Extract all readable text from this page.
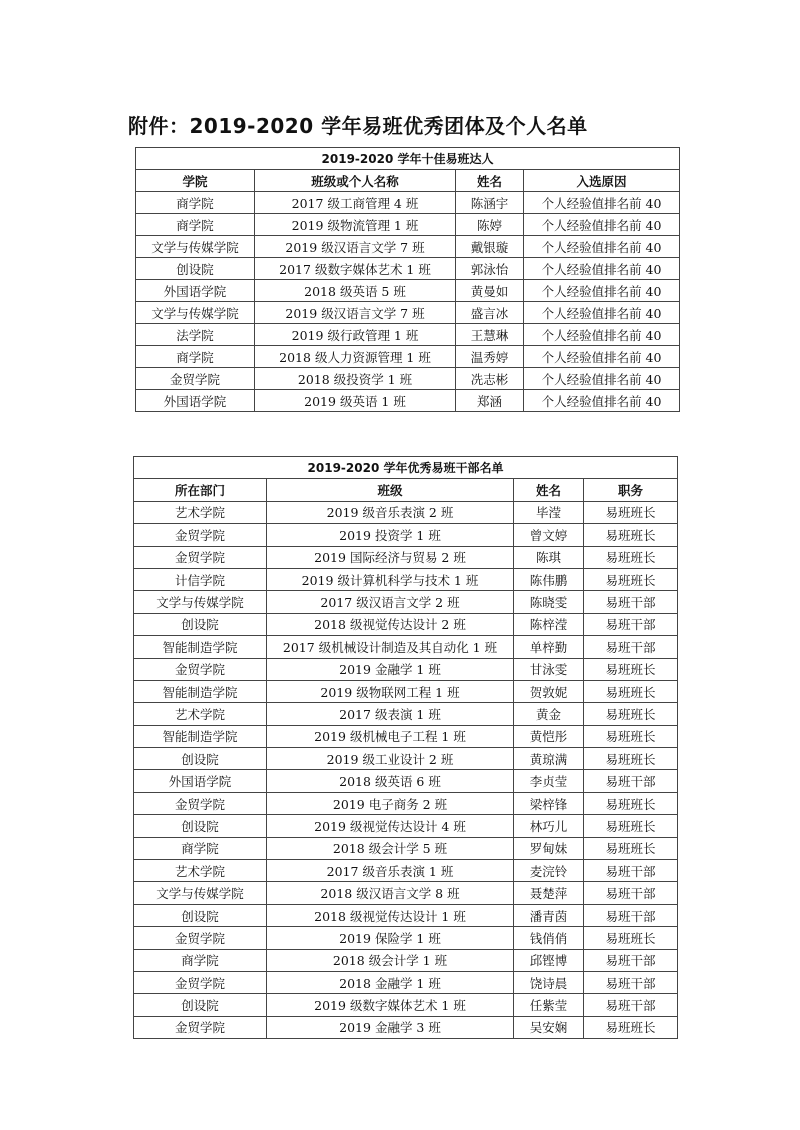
附件：2019-2020 学年易班优秀团体及个人名单
2019-2020 学年十佳易班达人			
学院	班级或个人名称	姓名	入选原因
商学院	2017 级工商管理 4 班	陈涵宇	个人经验值排名前 40
商学院	2019 级物流管理 1 班	陈婷	个人经验值排名前 40
文学与传媒学院	2019 级汉语言文学 7 班	戴银璇	个人经验值排名前 40
创设院	2017 级数字媒体艺术 1 班	郭泳怡	个人经验值排名前 40
外国语学院	2018 级英语 5 班	黄曼如	个人经验值排名前 40
文学与传媒学院	2019 级汉语言文学 7 班	盛言冰	个人经验值排名前 40
法学院	2019 级行政管理 1 班	王慧琳	个人经验值排名前 40
商学院	2018 级人力资源管理 1 班	温秀婷	个人经验值排名前 40
金贸学院	2018 级投资学 1 班	冼志彬	个人经验值排名前 40
外国语学院	2019 级英语 1 班	郑涵	个人经验值排名前 40
2019-2020 学年优秀易班干部名单			
所在部门	班级	姓名	职务
艺术学院	2019 级音乐表演 2 班	毕滢	易班班长
金贸学院	2019 投资学 1 班	曾文婷	易班班长
金贸学院	2019 国际经济与贸易 2 班	陈琪	易班班长
计信学院	2019 级计算机科学与技术 1 班	陈伟鹏	易班班长
文学与传媒学院	2017 级汉语言文学 2 班	陈晓雯	易班干部
创设院	2018 级视觉传达设计 2 班	陈梓滢	易班干部
智能制造学院	2017 级机械设计制造及其自动化 1 班	单梓勤	易班干部
金贸学院	2019 金融学 1 班	甘泳雯	易班班长
智能制造学院	2019 级物联网工程 1 班	贺敦妮	易班班长
艺术学院	2017 级表演 1 班	黄金	易班班长
智能制造学院	2019 级机械电子工程 1 班	黄恺彤	易班班长
创设院	2019 级工业设计 2 班	黄琼满	易班班长
外国语学院	2018 级英语 6 班	李贞莹	易班干部
金贸学院	2019 电子商务 2 班	梁梓锋	易班班长
创设院	2019 级视觉传达设计 4 班	林巧儿	易班班长
商学院	2018 级会计学 5 班	罗甸妹	易班班长
艺术学院	2017 级音乐表演 1 班	麦浣铃	易班干部
文学与传媒学院	2018 级汉语言文学 8 班	聂楚萍	易班干部
创设院	2018 级视觉传达设计 1 班	潘青茵	易班干部
金贸学院	2019 保险学 1 班	钱俏俏	易班班长
商学院	2018 级会计学 1 班	邱铿博	易班干部
金贸学院	2018 金融学 1 班	饶诗晨	易班干部
创设院	2019 级数字媒体艺术 1 班	任紫莹	易班干部
金贸学院	2019 金融学 3 班	吴安娴	易班班长
